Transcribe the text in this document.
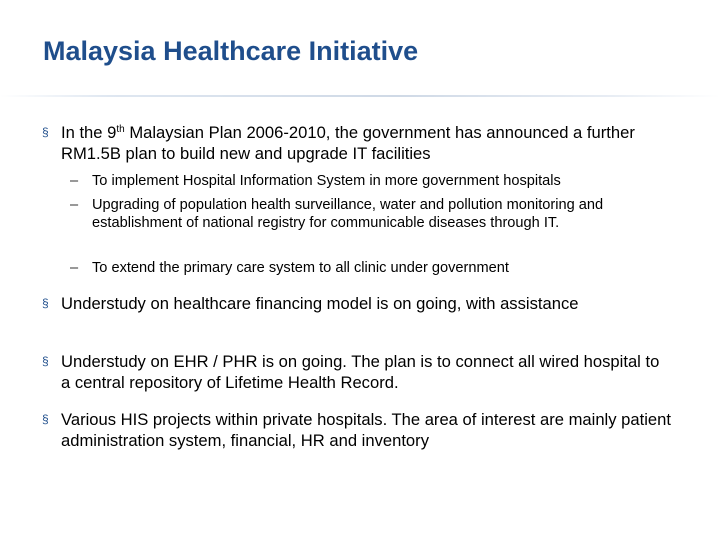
Malaysia Healthcare Initiative
§ In the 9th Malaysian Plan 2006-2010, the government has announced a further RM1.5B plan to build new and upgrade IT facilities
– To implement Hospital Information System in more government hospitals
– Upgrading of population health surveillance, water and pollution monitoring and establishment of national registry for communicable diseases through IT.
– To extend the primary care system to all clinic under government
§ Understudy on healthcare financing model is on going, with assistance
§ Understudy on EHR / PHR is on going. The plan is to connect all wired hospital to a central repository of Lifetime Health Record.
§ Various HIS projects within private hospitals. The area of interest are mainly patient administration system, financial, HR and inventory
